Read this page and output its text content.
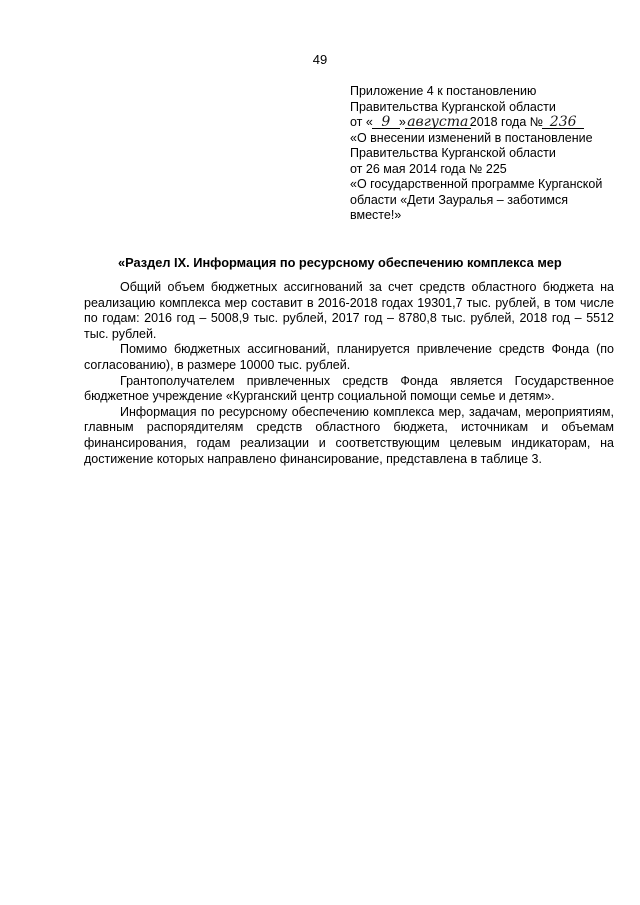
49
Приложение 4 к постановлению
Правительства Курганской области
от « 9 »августа2018 года № 236
«О внесении изменений в постановление
Правительства Курганской области
от 26 мая 2014 года № 225
«О государственной программе Курганской
области «Дети Зауралья – заботимся
вместе!»
«Раздел IX. Информация по ресурсному обеспечению комплекса мер

Общий объем бюджетных ассигнований за счет средств областного бюджета на реализацию комплекса мер составит в 2016-2018 годах 19301,7 тыс. рублей, в том числе по годам: 2016 год – 5008,9 тыс. рублей, 2017 год – 8780,8 тыс. рублей, 2018 год – 5512 тыс. рублей.

Помимо бюджетных ассигнований, планируется привлечение средств Фонда (по согласованию), в размере 10000 тыс. рублей.

Грантополучателем привлеченных средств Фонда является Государственное бюджетное учреждение «Курганский центр социальной помощи семье и детям».

Информация по ресурсному обеспечению комплекса мер, задачам, мероприятиям, главным распорядителям средств областного бюджета, источникам и объемам финансирования, годам реализации и соответствующим целевым индикаторам, на достижение которых направлено финансирование, представлена в таблице 3.
